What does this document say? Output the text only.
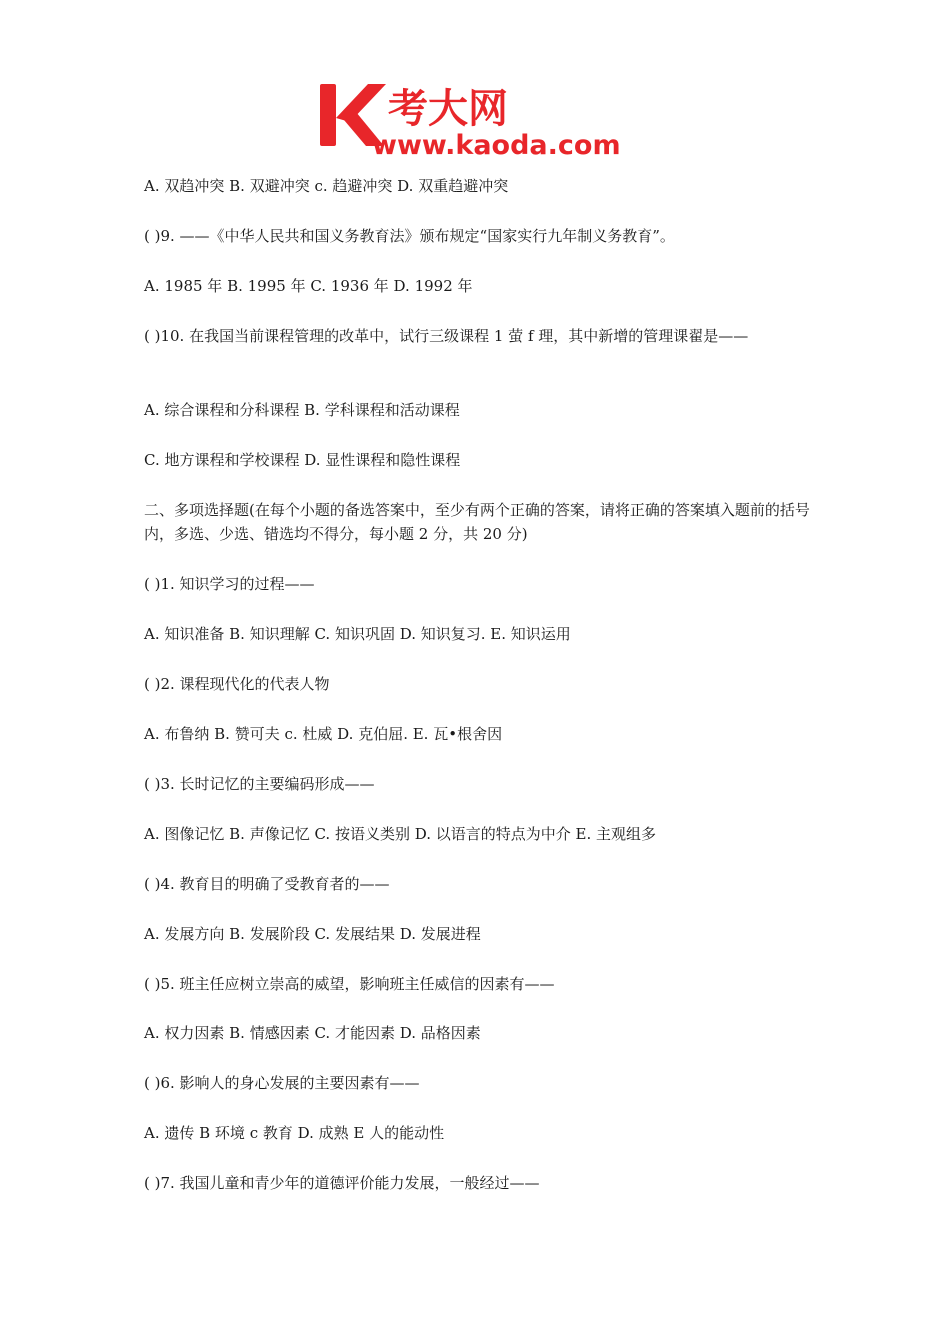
考大网
www.kaoda.com
A. 双趋冲突 B. 双避冲突 c. 趋避冲突 D. 双重趋避冲突
( )9. ——《中华人民共和国义务教育法》颁布规定“国家实行九年制义务教育”。
A. 1985 年 B. 1995 年 C. 1936 年 D. 1992 年
( )10. 在我国当前课程管理的改革中，试行三级课程 1 萤 f 理，其中新增的管理课翟是——
A. 综合课程和分科课程 B. 学科课程和活动课程
C. 地方课程和学校课程 D. 显性课程和隐性课程
二、多项选择题(在每个小题的备选答案中，至少有两个正确的答案，请将正确的答案填入题前的括号内，多选、少选、错选均不得分，每小题 2 分，共 20 分)
( )1. 知识学习的过程——
A. 知识准备 B. 知识理解 C. 知识巩固 D. 知识复习. E. 知识运用
( )2. 课程现代化的代表人物
A. 布鲁纳 B. 赞可夫 c. 杜威 D. 克伯屈. E. 瓦•根舍因
( )3. 长时记忆的主要编码形成——
A. 图像记忆 B. 声像记忆 C. 按语义类别 D. 以语言的特点为中介 E. 主观组多
( )4. 教育目的明确了受教育者的——
A. 发展方向 B. 发展阶段 C. 发展结果 D. 发展进程
( )5. 班主任应树立崇高的威望，影响班主任威信的因素有——
A. 权力因素 B. 情感因素 C. 才能因素 D. 品格因素
( )6. 影响人的身心发展的主要因素有——
A. 遗传 B 环境 c 教育 D. 成熟 E 人的能动性
( )7. 我国儿童和青少年的道德评价能力发展，一般经过——
